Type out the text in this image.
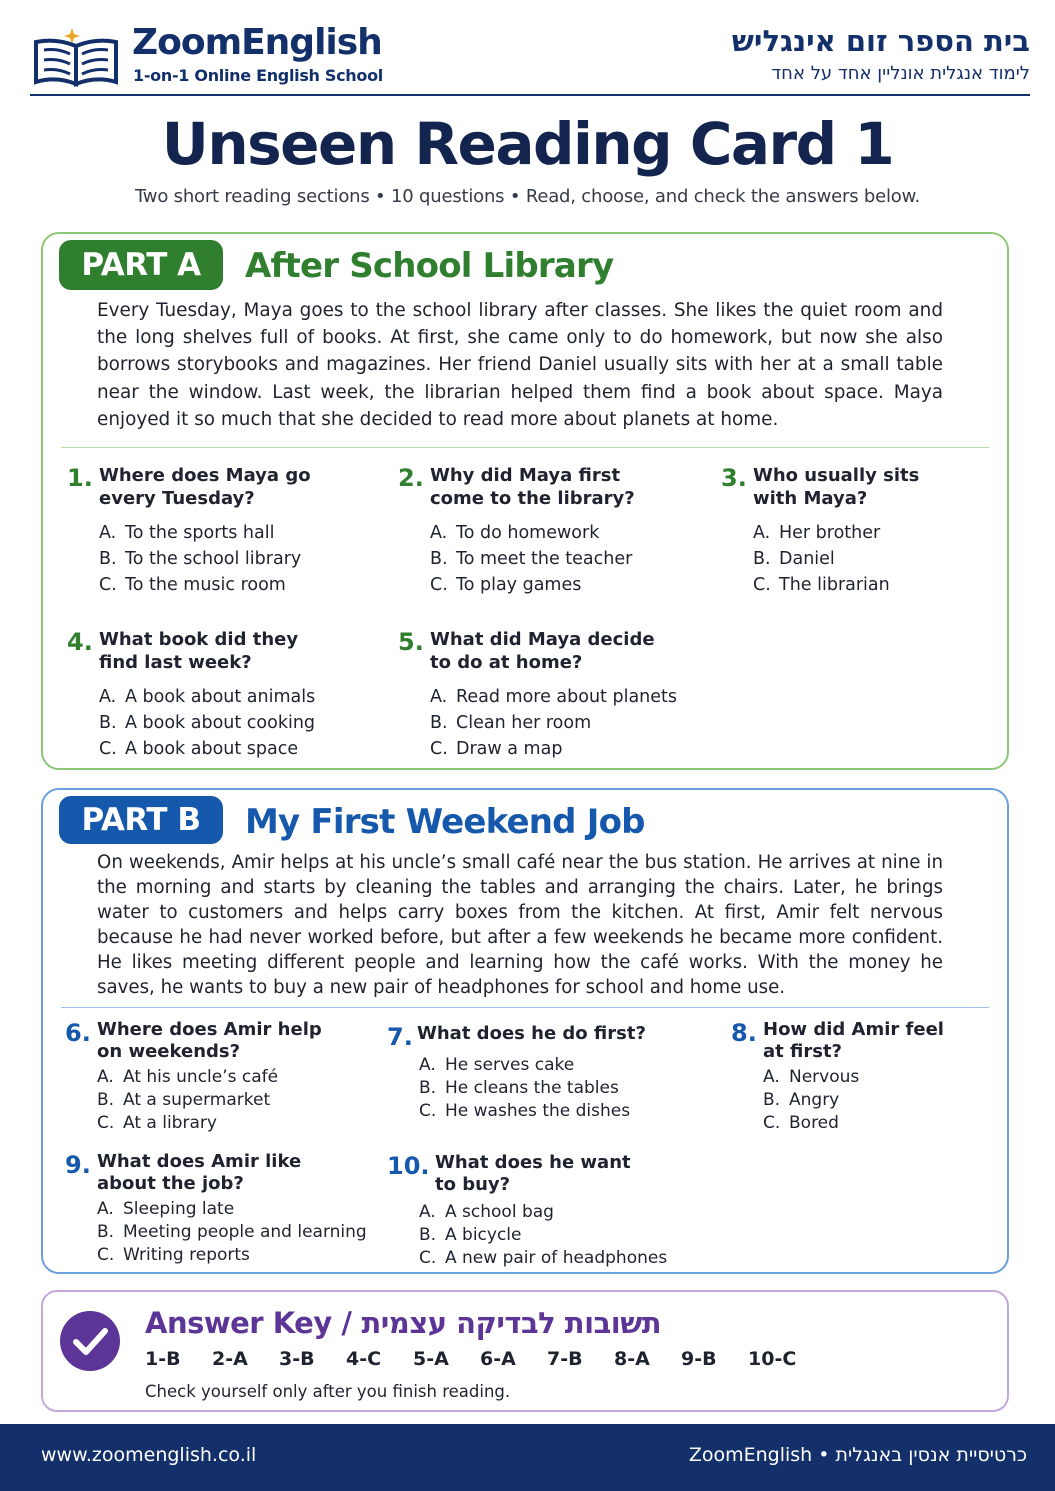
ZoomEnglish
1-on-1 Online English School
בית הספר זום אינגליש
לימוד אנגלית אונליין אחד על אחד
Unseen Reading Card 1
Two short reading sections • 10 questions • Read, choose, and check the answers below.
PART A	After School Library
Every Tuesday, Maya goes to the school library after classes. She likes the quiet room and the long shelves full of books. At first, she came only to do homework, but now she also borrows storybooks and magazines. Her friend Daniel usually sits with her at a small table near the window. Last week, the librarian helped them find a book about space. Maya enjoyed it so much that she decided to read more about planets at home.
1. Where does Maya go
every Tuesday?
A. To the sports hall
B. To the school library
C. To the music room
2. Why did Maya first
come to the library?
A. To do homework
B. To meet the teacher
C. To play games
3. Who usually sits
with Maya?
A. Her brother
B. Daniel
C. The librarian
4. What book did they
find last week?
A. A book about animals
B. A book about cooking
C. A book about space
5. What did Maya decide
to do at home?
A. Read more about planets
B. Clean her room
C. Draw a map
PART B	My First Weekend Job
On weekends, Amir helps at his uncle’s small café near the bus station. He arrives at nine in the morning and starts by cleaning the tables and arranging the chairs. Later, he brings water to customers and helps carry boxes from the kitchen. At first, Amir felt nervous because he had never worked before, but after a few weekends he became more confident. He likes meeting different people and learning how the café works. With the money he saves, he wants to buy a new pair of headphones for school and home use.
6. Where does Amir help
on weekends?
A. At his uncle’s café
B. At a supermarket
C. At a library
7. What does he do first?
A. He serves cake
B. He cleans the tables
C. He washes the dishes
8. How did Amir feel
at first?
A. Nervous
B. Angry
C. Bored
9. What does Amir like
about the job?
A. Sleeping late
B. Meeting people and learning
C. Writing reports
10. What does he want
to buy?
A. A school bag
B. A bicycle
C. A new pair of headphones
Answer Key / תשובות לבדיקה עצמית
1-B	2-A	3-B	4-C	5-A	6-A	7-B	8-A	9-B	10-C
Check yourself only after you finish reading.
www.zoomenglish.co.il	ZoomEnglish • כרטיסיית אנסין באנגלית
